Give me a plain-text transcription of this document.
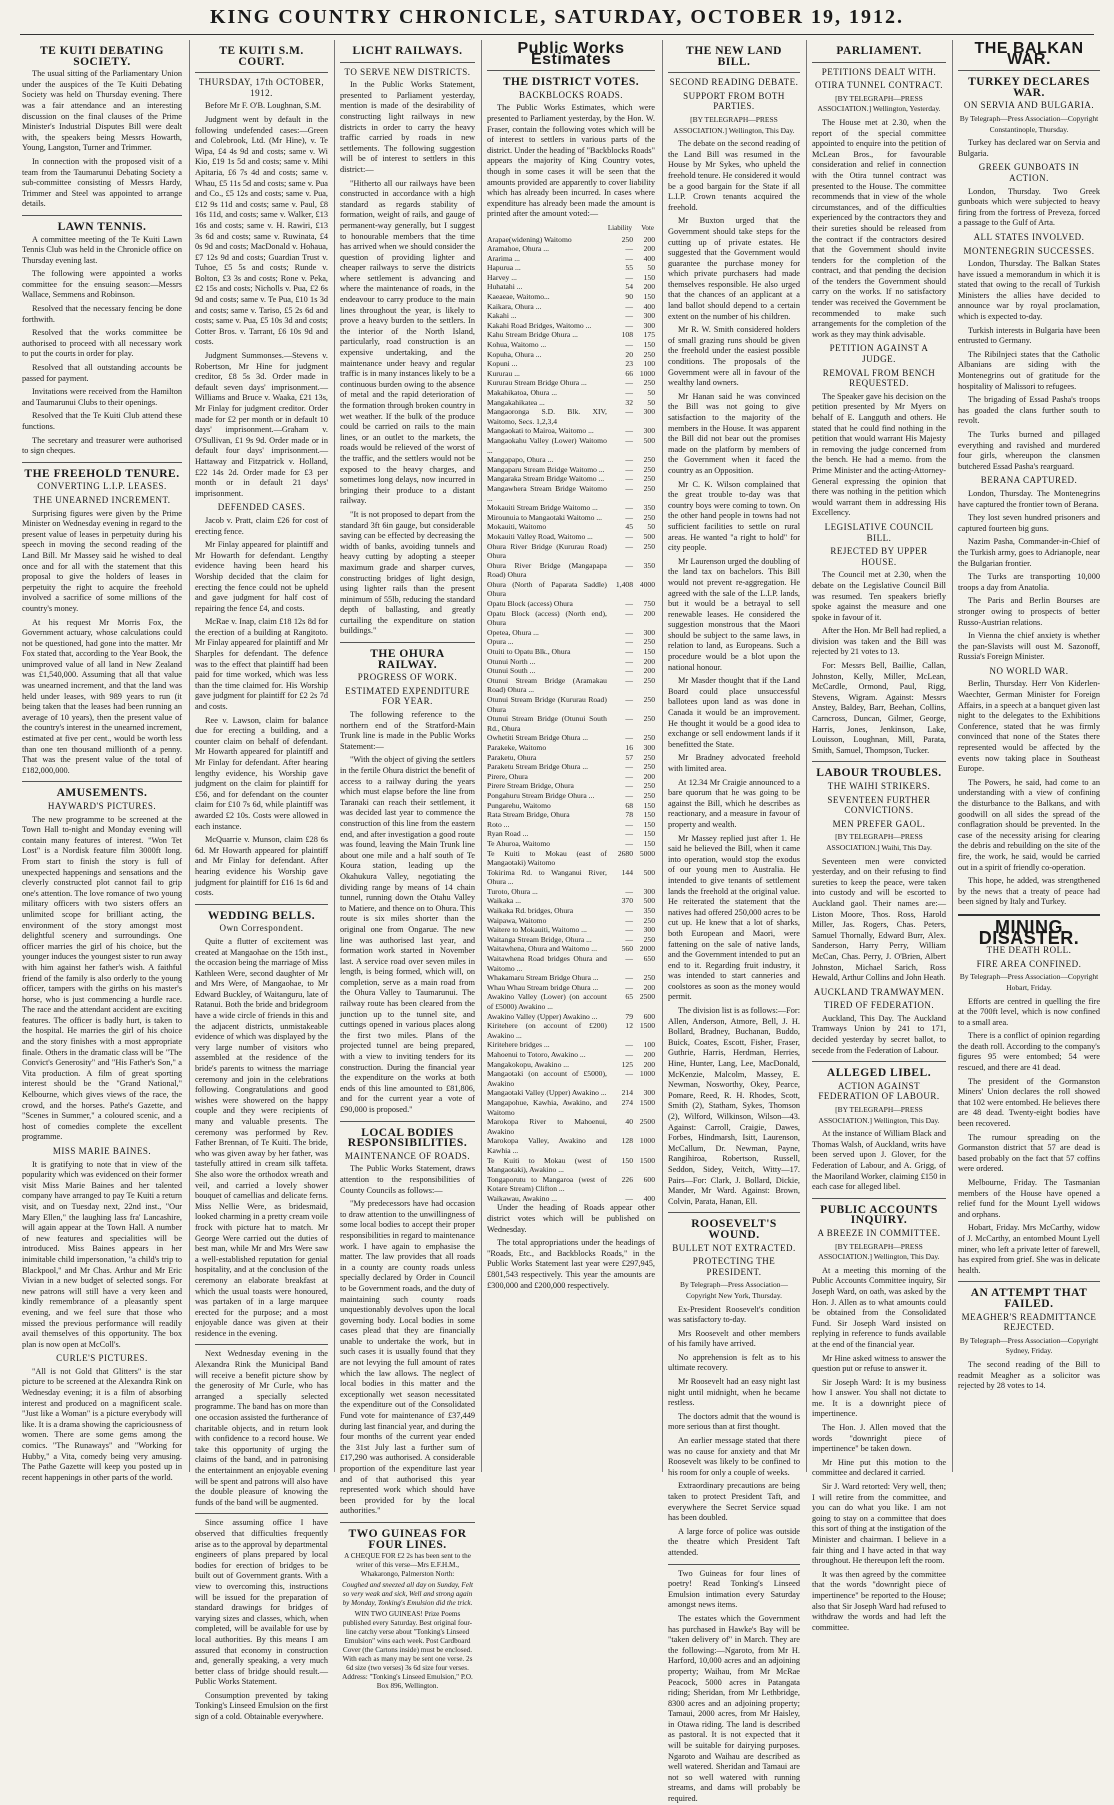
KING COUNTRY CHRONICLE, SATURDAY, OCTOBER 19, 1912.
TE KUITI DEBATING SOCIETY.

The usual sitting of the Parliamentary Union under the auspices of the Te Kuiti Debating Society was held on Thursday evening. There was a fair attendance and an interesting discussion on the final clauses of the Prime Minister's Industrial Disputes Bill were dealt with, the speakers being Messrs Howarth, Young, Langston, Turner and Trimmer.

In connection with the proposed visit of a team from the Taumarunui Debating Society a sub-committee consisting of Messrs Hardy, Trimmer and Steel was appointed to arrange details.

LAWN TENNIS.

A committee meeting of the Te Kuiti Lawn Tennis Club was held in the Chronicle office on Thursday evening last.

The following were appointed a works committee for the ensuing season:—Messrs Wallace, Semmens and Robinson.

Resolved that the necessary fencing be done forthwith.

Resolved that the works committee be authorised to proceed with all necessary work to put the courts in order for play.

Resolved that all outstanding accounts be passed for payment.

Invitations were received from the Hamilton and Taumarunui Clubs to their openings.

Resolved that the Te Kuiti Club attend these functions.

The secretary and treasurer were authorised to sign cheques.

THE FREEHOLD TENURE.
CONVERTING L.I.P. LEASES.
THE UNEARNED INCREMENT.

Surprising figures were given by the Prime Minister on Wednesday evening in regard to the present value of leases in perpetuity during his speech in moving the second reading of the Land Bill. Mr Massey said he wished to deal once and for all with the statement that this proposal to give the holders of leases in perpetuity the right to acquire the freehold involved a sacrifice of some millions of the country's money.

At his request Mr Morris Fox, the Government actuary, whose calculations could not be questioned, had gone into the matter. Mr Fox stated that, according to the Year Book, the unimproved value of all land in New Zealand was £1,540,000. Assuming that all that value was unearned increment, and that the land was held under leases, with 989 years to run (it being taken that the leases had been running an average of 10 years), then the present value of the country's interest in the unearned increment, estimated at five per cent., would be worth less than one ten thousand millionth of a penny. That was the present value of the total of £182,000,000.

AMUSEMENTS.
HAYWARD'S PICTURES.

The new programme to be screened at the Town Hall to-night and Monday evening will contain many features of interest. "Won Tet Lost" is a Nordisk feature film 3000ft long. From start to finish the story is full of unexpected happenings and sensations and the cleverly constructed plot cannot fail to grip one's attention. The love romance of two young military officers with two sisters offers an unlimited scope for brilliant acting, the environment of the story amongst most delightful scenery and surroundings. One officer marries the girl of his choice, but the younger induces the youngest sister to run away with him against her father's wish. A faithful friend of the family is also orderly to the young officer, tampers with the girths on his master's horse, who is just commencing a hurdle race. The race and the attendant accident are exciting features. The officer is badly hurt, is taken to the hospital. He marries the girl of his choice and the story finishes with a most appropriate finale. Others in the dramatic class will be "The Convict's Generosity" and "His Father's Son," a Vita production. A film of great sporting interest should be the "Grand National," Kelbourne, which gives views of the race, the crowd, and the horses. Pathe's Gazette, and "Scenes in Summer," a coloured scenic, and a host of comedies complete the excellent programme.

MISS MARIE BAINES.

It is gratifying to note that in view of the popularity which was evidenced on their former visit Miss Marie Baines and her talented company have arranged to pay Te Kuiti a return visit, and on Tuesday next, 22nd inst., "Our Mary Ellen," the laughing lass fra' Lancashire, will again appear at the Town Hall. A number of new features and specialities will be introduced. Miss Baines appears in her inimitable child impersonation, "a child's trip to Blackpool," and Mr Chas. Arthur and Mr Eric Vivian in a new budget of selected songs. For new patrons will still have a very keen and kindly remembrance of a pleasantly spent evening, and we feel sure that those who missed the previous performance will readily avail themselves of this opportunity. The box plan is now open at McColl's.

CURLE'S PICTURES.

"All is not Gold that Glitters" is the star picture to be screened at the Alexandra Rink on Wednesday evening; it is a film of absorbing interest and produced on a magnificent scale. "Just like a Woman" is a picture everybody will like. It is a drama showing the capriciousness of women. There are some gems among the comics. "The Runaways" and "Working for Hubby," a Vita, comedy being very amusing. The Pathe Gazette will keep you posted up in recent happenings in other parts of the world.

TE KUITI S.M. COURT.
THURSDAY, 17th OCTOBER, 1912.

Before Mr F. O'B. Loughnan, S.M.

Judgment went by default in the following undefended cases:—Green and Colebrook, Ltd. (Mr Hine), v. Te Wipa, £4 4s 9d and costs; same v. Wi Kio, £19 1s 5d and costs; same v. Mihi Apitaria, £6 7s 4d and costs; same v. Whau, £5 11s 5d and costs; same v. Pua and Co., £5 12s and costs; same v. Pua, £12 9s 11d and costs; same v. Paul, £8 16s 11d, and costs; same v. Walker, £13 16s and costs; same v. H. Rawiri, £13 3s 6d and costs; same v. Ruwinata, £4 0s 9d and costs; MacDonald v. Hohaua, £7 12s 9d and costs; Guardian Trust v. Tuhoe, £5 5s and costs; Runde v. Bolton, £3 3s and costs; Rone v. Peka, £2 15s and costs; Nicholls v. Pua, £2 6s 9d and costs; same v. Te Pua, £10 1s 3d and costs; same v. Tariso, £5 2s 6d and costs; same v. Pua, £5 10s 3d and costs; Cotter Bros. v. Tarrant, £6 10s 9d and costs.

Judgment Summonses.—Stevens v. Robertson, Mr Hine for judgment creditor, £8 5s 3d. Order made in default seven days' imprisonment.—Williams and Bruce v. Waaka, £21 13s, Mr Finlay for judgment creditor. Order made for £2 per month or in default 10 days' imprisonment.—Graham v. O'Sullivan, £1 9s 9d. Order made or in default four days' imprisonment.—Hattaway and Fitzpatrick v. Holland, £22 14s 2d. Order made for £3 per month or in default 21 days' imprisonment.

DEFENDED CASES.

Jacob v. Pratt, claim £26 for cost of erecting fence.

Mr Finlay appeared for plaintiff and Mr Howarth for defendant. Lengthy evidence having been heard his Worship decided that the claim for erecting the fence could not be upheld and gave judgment for half cost of repairing the fence £4, and costs.

McRae v. Inap, claim £18 12s 8d for the erection of a building at Rangitoto. Mr Finlay appeared for plaintiff and Mr Sharples for defendant. The defence was to the effect that plaintiff had been paid for time worked, which was less than the time claimed for. His Worship gave judgment for plaintiff for £2 2s 7d and costs.

Ree v. Lawson, claim for balance due for erecting a building, and a counter claim on behalf of defendant. Mr Howarth appeared for plaintiff and Mr Finlay for defendant. After hearing lengthy evidence, his Worship gave judgment on the claim for plaintiff for £56, and for defendant on the counter claim for £10 7s 6d, while plaintiff was awarded £2 10s. Costs were allowed in each instance.

McQuarrie v. Munson, claim £28 6s 6d. Mr Howarth appeared for plaintiff and Mr Finlay for defendant. After hearing evidence his Worship gave judgment for plaintiff for £16 1s 6d and costs.

WEDDING BELLS.
Own Correspondent.

Quite a flutter of excitement was created at Mangaohae on the 15th inst., the occasion being the marriage of Miss Kathleen Were, second daughter of Mr and Mrs Were, of Mangaohae, to Mr Edward Buckley, of Waitanguru, late of Ratanui. Both the bride and bridegroom have a wide circle of friends in this and the adjacent districts, unmistakeable evidence of which was displayed by the very large number of visitors who assembled at the residence of the bride's parents to witness the marriage ceremony and join in the celebrations following. Congratulations and good wishes were showered on the happy couple and they were recipients of many and valuable presents. The ceremony was performed by Rev. Father Brennan, of Te Kuiti. The bride, who was given away by her father, was tastefully attired in cream silk taffeta. She also wore the orthodox wreath and veil, and carried a lovely shower bouquet of camellias and delicate ferns. Miss Nellie Were, as bridesmaid, looked charming in a pretty cream voile frock with picture hat to match. Mr George Were carried out the duties of best man, while Mr and Mrs Were saw a well-established reputation for genial hospitality, and at the conclusion of the ceremony an elaborate breakfast at which the usual toasts were honoured, was partaken of in a large marquee erected for the purpose; and a most enjoyable dance was given at their residence in the evening.

Next Wednesday evening in the Alexandra Rink the Municipal Band will receive a benefit picture show by the generosity of Mr Curle, who has arranged a specially selected programme. The band has on more than one occasion assisted the furtherance of charitable objects, and in return look with confidence to a record house. We take this opportunity of urging the claims of the band, and in patronising the entertainment an enjoyable evening will be spent and patrons will also have the double pleasure of knowing the funds of the band will be augmented.

Since assuming office I have observed that difficulties frequently arise as to the approval by departmental engineers of plans prepared by local bodies for erection of bridges to be built out of Government grants. With a view to overcoming this, instructions will be issued for the preparation of standard drawings for bridges of varying sizes and classes, which, when completed, will be available for use by local authorities. By this means I am assured that economy in construction and, generally speaking, a very much better class of bridge should result.—Public Works Statement.

Consumption prevented by taking Tonking's Linseed Emulsion on the first sign of a cold. Obtainable everywhere.

LICHT RAILWAYS.
TO SERVE NEW DISTRICTS.

In the Public Works Statement, presented to Parliament yesterday, mention is made of the desirability of constructing light railways in new districts in order to carry the heavy traffic carried by roads in new settlements. The following suggestion will be of interest to settlers in this district:—

"Hitherto all our railways have been constructed in accordance with a high standard as regards stability of formation, weight of rails, and gauge of permanent-way generally, but I suggest to honourable members that the time has arrived when we should consider the question of providing lighter and cheaper railways to serve the districts where settlement is advancing and where the maintenance of roads, in the endeavour to carry produce to the main lines throughout the year, is likely to prove a heavy burden to the settlers. In the interior of the North Island, particularly, road construction is an expensive undertaking, and the maintenance under heavy and regular traffic is in many instances likely to be a continuous burden owing to the absence of metal and the rapid deterioration of the formation through broken country in wet weather. If the bulk of the produce could be carried on rails to the main lines, or an outlet to the markets, the roads would be relieved of the worst of the traffic, and the settlers would not be exposed to the heavy charges, and sometimes long delays, now incurred in bringing their produce to a distant railway.

"It is not proposed to depart from the standard 3ft 6in gauge, but considerable saving can be effected by decreasing the width of banks, avoiding tunnels and heavy cutting by adopting a steeper maximum grade and sharper curves, constructing bridges of light design, using lighter rails than the present minimum of 55lb, reducing the standard depth of ballasting, and greatly curtailing the expenditure on station buildings."

THE OHURA RAILWAY.
PROGRESS OF WORK.
ESTIMATED EXPENDITURE FOR YEAR.

The following reference to the northern end of the Stratford-Main Trunk line is made in the Public Works Statement:—

"With the object of giving the settlers in the fertile Ohura district the benefit of access to a railway during the years which must elapse before the line from Taranaki can reach their settlement, it was decided last year to commence the construction of this line from the eastern end, and after investigation a good route was found, leaving the Main Trunk line about one mile and a half south of Te Koura station, leading up the Okahukura Valley, negotiating the dividing range by means of 14 chain tunnel, running down the Otahu Valley to Matiere, and thence on to Ohura. This route is six miles shorter than the original one from Ongarue. The new line was authorised last year, and formation work started in November last. A service road over seven miles in length, is being formed, which will, on completion, serve as a main road from the Ohura Valley to Taumarunui. The railway route has been cleared from the junction up to the tunnel site, and cuttings opened in various places along the first two miles. Plans of the projected tunnel are being prepared, with a view to inviting tenders for its construction. During the financial year the expenditure on the works at both ends of this line amounted to £81,806, and for the current year a vote of £90,000 is proposed."

LOCAL BODIES RESPONSIBILITIES.
MAINTENANCE OF ROADS.

The Public Works Statement, draws attention to the responsibilities of County Councils as follows:—

"My predecessors have had occasion to draw attention to the unwillingness of some local bodies to accept their proper responsibilities in regard to maintenance work. I have again to emphasise the matter. The law provides that all roads in a county are county roads unless specially declared by Order in Council to be Government roads, and the duty of maintaining such county roads unquestionably devolves upon the local governing body. Local bodies in some cases plead that they are financially unable to undertake the work, but in such cases it is usually found that they are not levying the full amount of rates which the law allows. The neglect of local bodies in this matter and the exceptionally wet season necessitated the expenditure out of the Consolidated Fund vote for maintenance of £37,449 during last financial year, and during the four months of the current year ended the 31st July last a further sum of £17,290 was authorised. A considerable proportion of the expenditure last year and of that authorised this year represented work which should have been provided for by the local authorities."

TWO GUINEAS FOR FOUR LINES.
A CHEQUE FOR £2 2s has been sent to the writer of this verse—Mrs E.F.H.M., Whakarongo, Palmerston North:
Coughed and sneezed all day on Sunday, Felt so very weak and sick, Well and strong again by Monday, Tonking's Emulsion did the trick.
WIN TWO GUINEAS! Prize Poems published every Saturday. Best original four-line catchy verse about "Tonking's Linseed Emulsion" wins each week. Post Cardboard Cover (the Cartons inside) must be enclosed. With each as many may be sent one verse. 2s 6d size (two verses) 3s 6d size four verses. Address: "Tonking's Linseed Emulsion," P.O. Box 896, Wellington.
Public Works Estimates
THE DISTRICT VOTES.
BACKBLOCKS ROADS.

The Public Works Estimates, which were presented to Parliament yesterday, by the Hon. W. Fraser, contain the following votes which will be of interest to settlers in various parts of the district. Under the heading of "Backblocks Roads" appears the majority of King Country votes, though in some cases it will be seen that the amounts provided are apparently to cover liability which has already been incurred. In cases where expenditure has already been made the amount is printed after the amount voted:—

	Liability	Vote
Arapae(widening) Waitomo	250	200
Aramahoe, Ohura ...	—	200
Ararima ...	—	400
Hapurua ...	55	50
Harvey ...	—	150
Huhatahi ...	54	200
Kaeaeae, Waitomo...	90	150
Kaikara, Ohura ...	—	400
Kakahi ...	—	300
Kakahi Road Bridges, Waitomo ...	—	300
Kahu Stream Bridge Ohura ...	108	175
Kohua, Waitomo ...	—	150
Kopuha, Ohura ...	20	250
Kopuni ...	23	100
Kururau ...	66	1000
Kururau Stream Bridge Ohura ...	—	250
Makahikatoa, Ohura ...	—	50
Mangakahikatea ...	32	50
Mangaoronga S.D. Blk. XIV, Waitomo, Secs. 1,2,3,4	—	300
Mangaokati to Mairoa, Waitomo ...	—	300
Mangaokahu Valley (Lower) Waitomo ...	—	500
Mangapapo, Ohura ...	—	250
Mangaparu Stream Bridge Waitomo ...	—	250
Mangaraka Stream Bridge Waitomo ...	—	250
Mangawhera Stream Bridge Waitomo ...	—	250
Mokauiti Stream Bridge Waitomo ...	—	350
Mirounuia to Mangaotaki Waitomo ...	—	250
Mokauiti, Waitomo	45	50
Mokauiti Valley Road, Waitomo ...	—	500
Ohura River Bridge (Kururau Road) Ohura	—	250
Ohura River Bridge (Mangapapa Road) Ohura	—	350
Ohura (North of Paparata Saddle) Ohura	1,408	4000
Opatu Block (access) Ohura	—	750
Opatu Block (access) (North end), Ohura	—	200
Opetea, Ohura ...	—	300
Opura ...	—	250
Otuiti to Opatu Blk., Ohura	—	150
Otunui North ...	—	200
Otunui South ...	—	200
Otunui Stream Bridge (Aramakau Road) Ohura ...	—	250
Otunui Stream Bridge (Kururau Road) Ohura	—	250
Otunui Stream Bridge (Otunui South Rd., Ohura	—	250
Owhetiti Stream Bridge Ohura ...	—	250
Parakeke, Waitomo	16	300
Paraketu, Ohura	57	250
Paraketu Stream Bridge Ohura ...	—	250
Pirere, Ohura	—	200
Pirere Stream Bridge, Ohura	—	250
Pongahuru Stream Bridge Ohura ...	—	250
Pungarehu, Waitomo	68	150
Rata Stream Bridge, Ohura	78	150
Roto ...	—	150
Ryan Road ...	—	150
Te Ahuroa, Waitomo	—	150
Te Kuiti to Mokau (east of Mangaotaki) Waitomo	2680	5000
Tokirima Rd. to Wanganui River, Ohura ...	144	500
Turoto, Ohura ...	—	300
Waikaka ...	370	500
Waikaka Rd. bridges, Ohura	—	350
Waipawa, Waitomo	—	250
Waitere to Mokauiti, Waitomo ...	—	300
Waitanga Stream Bridge, Ohura ...	—	250
Waitawhena, Ohura and Waitomo ...	560	2000
Waitawhena Road bridges Ohura and Waitomo ...	—	650
Whakamaru Stream Bridge Ohura ...	—	250
Whau Whau Stream bridge Ohura ...	—	200
Awakino Valley (Lower) (on account of £5000) Awakino ...	65	2500
Awakino Valley (Upper) Awakino ...	79	600
Kiritehere (on account of £200) Awakino ...	12	1500
Kiritehere bridges ...	—	100
Mahoenui to Totoro, Awakino ...	—	200
Mangakokopu, Awakino ...	125	200
Mangaotaki (on account of £5000), Awakino	—	1000
Mangaotaki Valley (Upper) Awakino ...	214	300
Mangapohue, Kawhia, Awakino, and Waitomo	274	1500
Marokopa River to Mahoenui, Awakino	40	2500
Marokopa Valley, Awakino and Kawhia ...	128	1000
Te Kuiti to Mokau (west of Mangaotaki), Awakino ...	150	1500
Tongaporutu to Mangaroa (west of Kotare Stream) Clifton ...	226	600
Waikawau, Awakino ...	—	400

Under the heading of Roads appear other district votes which will be published on Wednesday.

The total appropriations under the headings of "Roads, Etc., and Backblocks Roads," in the Public Works Statement last year were £297,945, £801,543 respectively. This year the amounts are £300,000 and £200,000 respectively.

THE NEW LAND BILL.
SECOND READING DEBATE.
SUPPORT FROM BOTH PARTIES.
[BY TELEGRAPH—PRESS ASSOCIATION.] Wellington, This Day.

The debate on the second reading of the Land Bill was resumed in the House by Mr Sykes, who upheld the freehold tenure. He considered it would be a good bargain for the State if all L.I.P. Crown tenants acquired the freehold.

Mr Buxton urged that the Government should take steps for the cutting up of private estates. He suggested that the Government would guarantee the purchase money for which private purchasers had made themselves responsible. He also urged that the chances of an applicant at a land ballot should depend to a certain extent on the number of his children.

Mr R. W. Smith considered holders of small grazing runs should be given the freehold under the easiest possible conditions. The proposals of the Government were all in favour of the wealthy land owners.

Mr Hanan said he was convinced the Bill was not going to give satisfaction to the majority of the members in the House. It was apparent the Bill did not bear out the promises made on the platform by members of the Government when it faced the country as an Opposition.

Mr C. K. Wilson complained that the great trouble to-day was that country boys were coming to town. On the other hand people in towns had not sufficient facilities to settle on rural areas. He wanted "a right to hold" for city people.

Mr Laurenson urged the doubling of the land tax on bachelors. This Bill would not prevent re-aggregation. He agreed with the sale of the L.I.P. lands, but it would be a betrayal to sell renewable leases. He considered the suggestion monstrous that the Maori should be subject to the same laws, in relation to land, as Europeans. Such a procedure would be a blot upon the national honour.

Mr Masder thought that if the Land Board could place unsuccessful ballotees upon land as was done in Canada it would be an improvement. He thought it would be a good idea to exchange or sell endowment lands if it benefitted the State.

Mr Bradney advocated freehold with limited area.

At 12.34 Mr Craigie announced to a bare quorum that he was going to be against the Bill, which he describes as reactionary, and a measure in favour of property and wealth.

Mr Massey replied just after 1. He said he believed the Bill, when it came into operation, would stop the exodus of our young men to Australia. He intended to give tenants of settlement lands the freehold at the original value. He reiterated the statement that the natives had offered 250,000 acres to be cut up. He knew that a lot of sharks, both European and Maori, were fattening on the sale of native lands, and the Government intended to put an end to it. Regarding fruit industry, it was intended to start canneries and coolstores as soon as the money would permit.

The division list is as follows:—For: Allen, Anderson, Atmore, Bell, J. H. Bollard, Bradney, Buchanan, Buddo, Buick, Coates, Escott, Fisher, Fraser, Guthrie, Harris, Herdman, Herries, Hine, Hunter, Lang, Lee, MacDonald, McKenzie, Malcolm, Massey, E. Newman, Nosworthy, Okey, Pearce, Pomare, Reed, R. H. Rhodes, Scott, Smith (2), Statham, Sykes, Thomson (2), Wilford, Wilkinson, Wilson—43. Against: Carroll, Craigie, Dawes, Forbes, Hindmarsh, Isitt, Laurenson, McCallum, Dr. Newman, Payne, Rangihiroa, Robertson, Russell, Seddon, Sidey, Veitch, Witty—17. Pairs—For: Clark, J. Bollard, Dickie, Mander, Mr Ward. Against: Brown, Colvin, Parata, Hanan, Ell.

ROOSEVELT'S WOUND.
BULLET NOT EXTRACTED.
PROTECTING THE PRESIDENT.
By Telegraph—Press Association—Copyright New York, Thursday.

Ex-President Roosevelt's condition was satisfactory to-day.

Mrs Roosevelt and other members of his family have arrived.

No apprehension is felt as to his ultimate recovery.

Mr Roosevelt had an easy night last night until midnight, when he became restless.

The doctors admit that the wound is more serious than at first thought.

An earlier message stated that there was no cause for anxiety and that Mr Roosevelt was likely to be confined to his room for only a couple of weeks.

Extraordinary precautions are being taken to protect President Taft, and everywhere the Secret Service squad has been doubled.

A large force of police was outside the theatre which President Taft attended.

Two Guineas for four lines of poetry! Read Tonking's Linseed Emulsion intimation every Saturday amongst news items.

The estates which the Government has purchased in Hawke's Bay will be "taken delivery of" in March. They are the following:—Ngaroto, from Mr H. Harford, 10,000 acres and an adjoining property; Waihau, from Mr McRae Peacock, 5000 acres in Patangata riding; Sheridan, from Mr Lethbridge, 8300 acres and an adjoining property; Tamaui, 2000 acres, from Mr Haisley, in Otawa riding. The land is described as pastoral. It is not expected that it will be suitable for dairying purposes. Ngaroto and Waihau are described as well watered. Sheridan and Tamaui are not so well watered with running streams, and dams will probably be required.

PARLIAMENT.
PETITIONS DEALT WITH.
OTIRA TUNNEL CONTRACT.
[BY TELEGRAPH—PRESS ASSOCIATION.] Wellington, Yesterday.

The House met at 2.30, when the report of the special committee appointed to enquire into the petition of McLean Bros., for favourable consideration and relief in connection with the Otira tunnel contract was presented to the House. The committee recommends that in view of the whole circumstances, and of the difficulties experienced by the contractors they and their sureties should be released from the contract if the contractors desired that the Government should invite tenders for the completion of the contract, and that pending the decision of the tenders the Government should carry on the works. If no satisfactory tender was received the Government be recommended to make such arrangements for the completion of the work as they may think advisable.

PETITION AGAINST A JUDGE.
REMOVAL FROM BENCH REQUESTED.

The Speaker gave his decision on the petition presented by Mr Myers on behalf of E. Langguth and others. He stated that he could find nothing in the petition that would warrant His Majesty in removing the judge concerned from the bench. He had a memo. from the Prime Minister and the acting-Attorney-General expressing the opinion that there was nothing in the petition which would warrant them in addressing His Excellency.

LEGISLATIVE COUNCIL BILL.
REJECTED BY UPPER HOUSE.

The Council met at 2.30, when the debate on the Legislative Council Bill was resumed. Ten speakers briefly spoke against the measure and one spoke in favour of it.

After the Hon. Mr Bell had replied, a division was taken and the Bill was rejected by 21 votes to 13.

For: Messrs Bell, Baillie, Callan, Johnston, Kelly, Miller, McLean, McCardle, Ormond, Paul, Rigg, Stevens, Wigram. Against: Messrs Anstey, Baldey, Barr, Beehan, Collins, Carncross, Duncan, Gilmer, George, Harris, Jones, Jenkinson, Lake, Louisson, Loughnan, Mill, Parata, Smith, Samuel, Thompson, Tucker.

LABOUR TROUBLES.
THE WAIHI STRIKERS.
SEVENTEEN FURTHER CONVICTIONS.
MEN PREFER GAOL.
[BY TELEGRAPH—PRESS ASSOCIATION.] Waihi, This Day.

Seventeen men were convicted yesterday, and on their refusing to find sureties to keep the peace, were taken into custody and will be escorted to Auckland gaol. Their names are:—Liston Moore, Thos. Ross, Harold Miller, Jas. Rogers, Chas. Peters, Samuel Thornally, Edward Burr, Alex. Sanderson, Harry Perry, William McCan, Chas. Perry, J. O'Brien, Albert Johnston, Michael Sarich, Ross Hewald, Arthur Collins and John Heath.

AUCKLAND TRAMWAYMEN.
TIRED OF FEDERATION.

Auckland, This Day. The Auckland Tramways Union by 241 to 171, decided yesterday by secret ballot, to secede from the Federation of Labour.

ALLEGED LIBEL.
ACTION AGAINST FEDERATION OF LABOUR.
[BY TELEGRAPH—PRESS ASSOCIATION.] Wellington, This Day.

At the instance of William Black and Thomas Walsh, of Auckland, writs have been served upon J. Glover, for the Federation of Labour, and A. Grigg, of the Maoriland Worker, claiming £150 in each case for alleged libel.

PUBLIC ACCOUNTS INQUIRY.
A BREEZE IN COMMITTEE.
[BY TELEGRAPH—PRESS ASSOCIATION.] Wellington, This Day.

At a meeting this morning of the Public Accounts Committee inquiry, Sir Joseph Ward, on oath, was asked by the Hon. J. Allen as to what amounts could be obtained from the Consolidated Fund. Sir Joseph Ward insisted on replying in reference to funds available at the end of the financial year.

Mr Hine asked witness to answer the question put or refuse to answer it.

Sir Joseph Ward: It is my business how I answer. You shall not dictate to me. It is a downright piece of impertinence.

The Hon. J. Allen moved that the words "downright piece of impertinence" be taken down.

Mr Hine put this motion to the committee and declared it carried.

Sir J. Ward retorted: Very well, then; I will retire from the committee, and you can do what you like. I am not going to stay on a committee that does this sort of thing at the instigation of the Minister and chairman. I believe in a fair thing and I have acted in that way throughout. He thereupon left the room.

It was then agreed by the committee that the words "downright piece of impertinence" be reported to the House; also that Sir Joseph Ward had refused to withdraw the words and had left the committee.

THE BALKAN WAR.
TURKEY DECLARES WAR.
ON SERVIA AND BULGARIA.
By Telegraph—Press Association—Copyright Constantinople, Thursday.

Turkey has declared war on Servia and Bulgaria.

GREEK GUNBOATS IN ACTION.

London, Thursday. Two Greek gunboats which were subjected to heavy firing from the fortress of Preveza, forced a passage to the Gulf of Arta.

ALL STATES INVOLVED.
MONTENEGRIN SUCCESSES.

London, Thursday. The Balkan States have issued a memorandum in which it is stated that owing to the recall of Turkish Ministers the allies have decided to announce war by royal proclamation, which is expected to-day.

Turkish interests in Bulgaria have been entrusted to Germany.

The Ribilnjeci states that the Catholic Albanians are siding with the Montenegrins out of gratitude for the hospitality of Malissori to refugees.

The brigading of Essad Pasha's troops has goaded the clans further south to revolt.

The Turks burned and pillaged everything and ravished and murdered four girls, whereupon the clansmen butchered Essad Pasha's rearguard.

BERANA CAPTURED.

London, Thursday. The Montenegrins have captured the frontier town of Berana.

They lost seven hundred prisoners and captured fourteen big guns.

Nazim Pasha, Commander-in-Chief of the Turkish army, goes to Adrianople, near the Bulgarian frontier.

The Turks are transporting 10,000 troops a day from Anatolia.

The Paris and Berlin Bourses are stronger owing to prospects of better Russo-Austrian relations.

In Vienna the chief anxiety is whether the pan-Slavists will oust M. Sazonoff, Russia's Foreign Minister.

NO WORLD WAR.

Berlin, Thursday. Herr Von Kiderlen-Waechter, German Minister for Foreign Affairs, in a speech at a banquet given last night to the delegates to the Exhibitions Conference, stated that he was firmly convinced that none of the States there represented would be affected by the events now taking place in Southeast Europe.

The Powers, he said, had come to an understanding with a view of confining the disturbance to the Balkans, and with goodwill on all sides the spread of the conflagration should be prevented. In the case of the necessity arising for clearing the debris and rebuilding on the site of the fire, the work, he said, would be carried out in a spirit of friendly co-operation.

This hope, he added, was strengthened by the news that a treaty of peace had been signed by Italy and Turkey.

MINING DISASTER.
THE DEATH ROLL.
FIRE AREA CONFINED.
By Telegraph—Press Association—Copyright Hobart, Friday.

Efforts are centred in quelling the fire at the 700ft level, which is now confined to a small area.

There is a conflict of opinion regarding the death roll. According to the company's figures 95 were entombed; 54 were rescued, and there are 41 dead.

The president of the Gormanston Miners' Union declares the roll showed that 102 were entombed. He believes there are 48 dead. Twenty-eight bodies have been recovered.

The rumour spreading on the Gormanston district that 57 are dead is based probably on the fact that 57 coffins were ordered.

Melbourne, Friday. The Tasmanian members of the House have opened a relief fund for the Mount Lyell widows and orphans.

Hobart, Friday. Mrs McCarthy, widow of J. McCarthy, an entombed Mount Lyell miner, who left a private letter of farewell, has expired from grief. She was in delicate health.

AN ATTEMPT THAT FAILED.
MEAGHER'S READMITTANCE REJECTED.
By Telegraph—Press Association—Copyright Sydney, Friday.

The second reading of the Bill to readmit Meagher as a solicitor was rejected by 28 votes to 14.
